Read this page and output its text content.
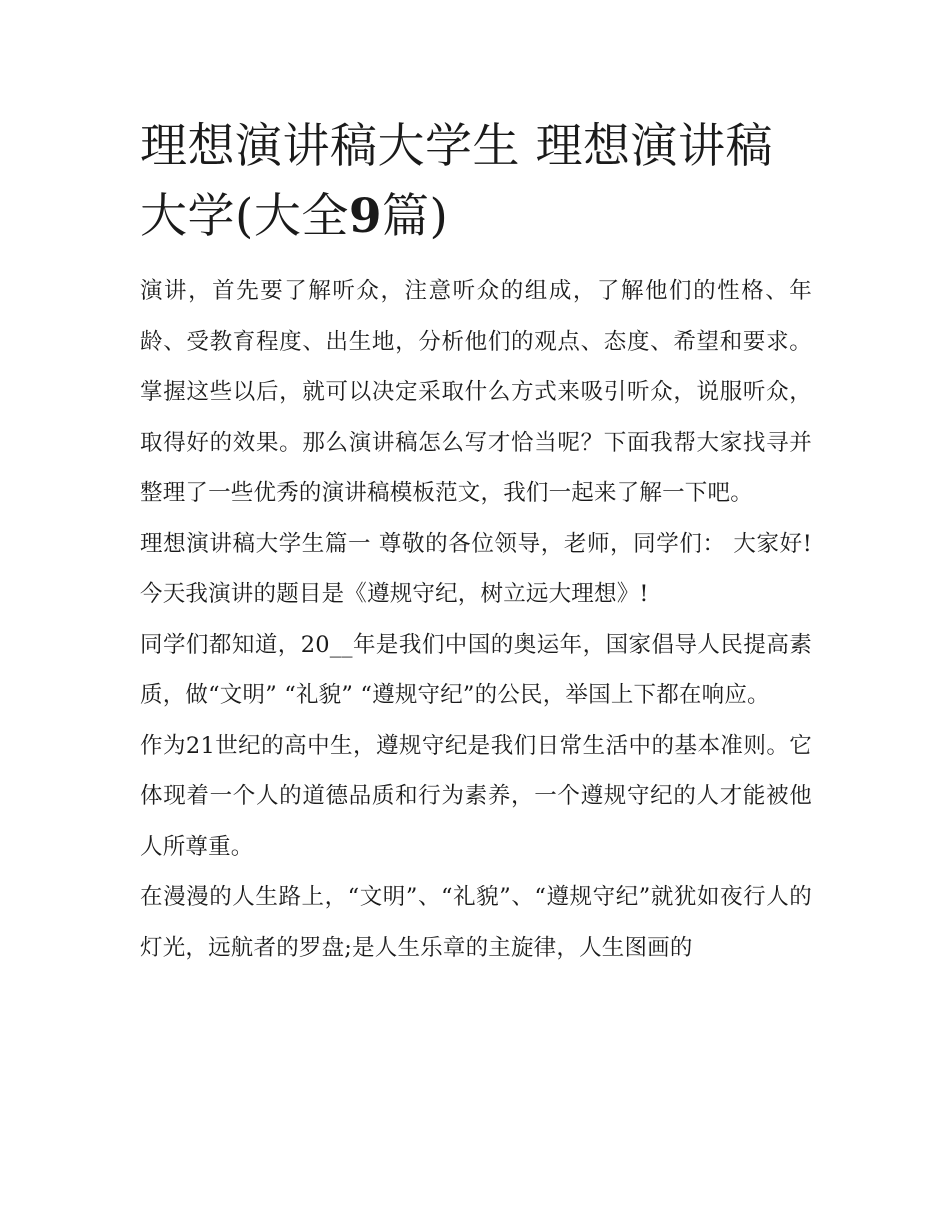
理想演讲稿大学生 理想演讲稿大学(大全9篇)

演讲，首先要了解听众，注意听众的组成，了解他们的性格、年龄、受教育程度、出生地，分析他们的观点、态度、希望和要求。掌握这些以后，就可以决定采取什么方式来吸引听众，说服听众，取得好的效果。那么演讲稿怎么写才恰当呢？下面我帮大家找寻并整理了一些优秀的演讲稿模板范文，我们一起来了解一下吧。

理想演讲稿大学生篇一 尊敬的各位领导，老师，同学们： 大家好!今天我演讲的题目是《遵规守纪，树立远大理想》!

同学们都知道，20__年是我们中国的奥运年，国家倡导人民提高素质，做“文明” “礼貌” “遵规守纪”的公民，举国上下都在响应。

作为21世纪的高中生，遵规守纪是我们日常生活中的基本准则。它体现着一个人的道德品质和行为素养，一个遵规守纪的人才能被他人所尊重。

在漫漫的人生路上，“文明”、“礼貌”、“遵规守纪”就犹如夜行人的灯光，远航者的罗盘;是人生乐章的主旋律，人生图画的
